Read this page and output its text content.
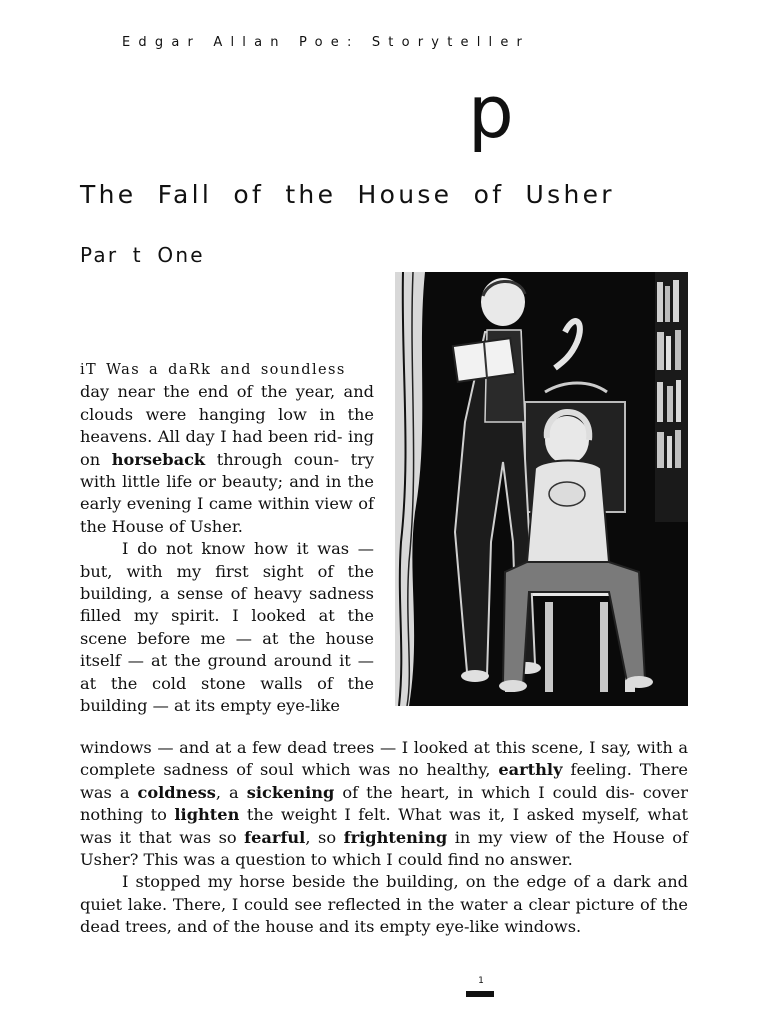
Edgar Allan Poe: Storyteller
p
The Fall of the House of Usher
Par t One

iT Was a daRk and soundless
day near the end of the year, and clouds were hanging low in the heavens. All day I had been rid- ing on horseback through coun- try with little life or beauty; and in the early evening I came within view of the House of Usher.

I do not know how it was — but, with my first sight of the building, a sense of heavy sadness filled my spirit. I looked at the scene before me — at the house itself — at the ground around it — at the cold stone walls of the building — at its empty eye-like

windows — and at a few dead trees — I looked at this scene, I say, with a complete sadness of soul which was no healthy, earthly feeling. There was a coldness, a sickening of the heart, in which I could dis- cover nothing to lighten the weight I felt. What was it, I asked myself, what was it that was so fearful, so frightening in my view of the House of Usher? This was a question to which I could find no answer.

I stopped my horse beside the building, on the edge of a dark and quiet lake. There, I could see reflected in the water a clear picture of the dead trees, and of the house and its empty eye-like windows.

1
